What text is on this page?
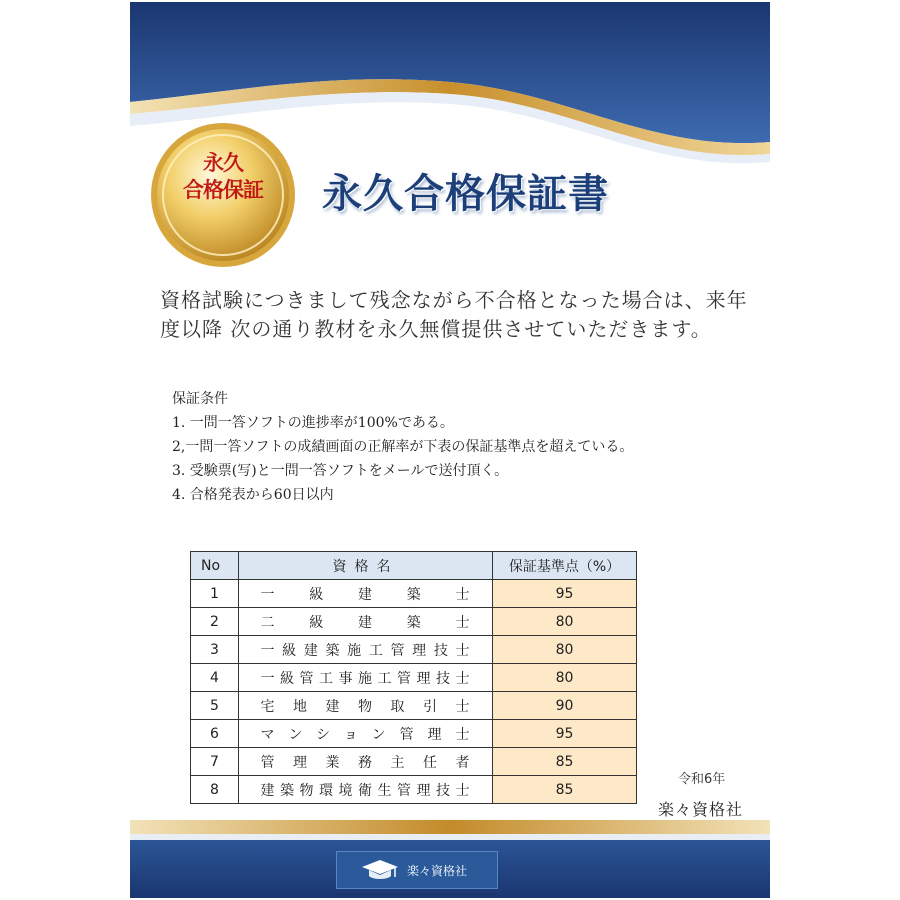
永久
合格保証	永久合格保証書
資格試験につきまして残念ながら不合格となった場合は、来年度以降 次の通り教材を永久無償提供させていただきます。
保証条件
1. 一問一答ソフトの進捗率が100%である。
2,一問一答ソフトの成績画面の正解率が下表の保証基準点を超えている。
3. 受験票(写)と一問一答ソフトをメールで送付頂く。
4. 合格発表から60日以内
No	資格名	保証基準点（%）
1	一級建築士	95
2	二級建築士	80
3	一級建築施工管理技士	80
4	一級管工事施工管理技士	80
5	宅地建物取引士	90
6	マンション管理士	95
7	管理業務主任者	85
8	建築物環境衛生管理技士	85
令和6年
楽々資格社
楽々資格社
